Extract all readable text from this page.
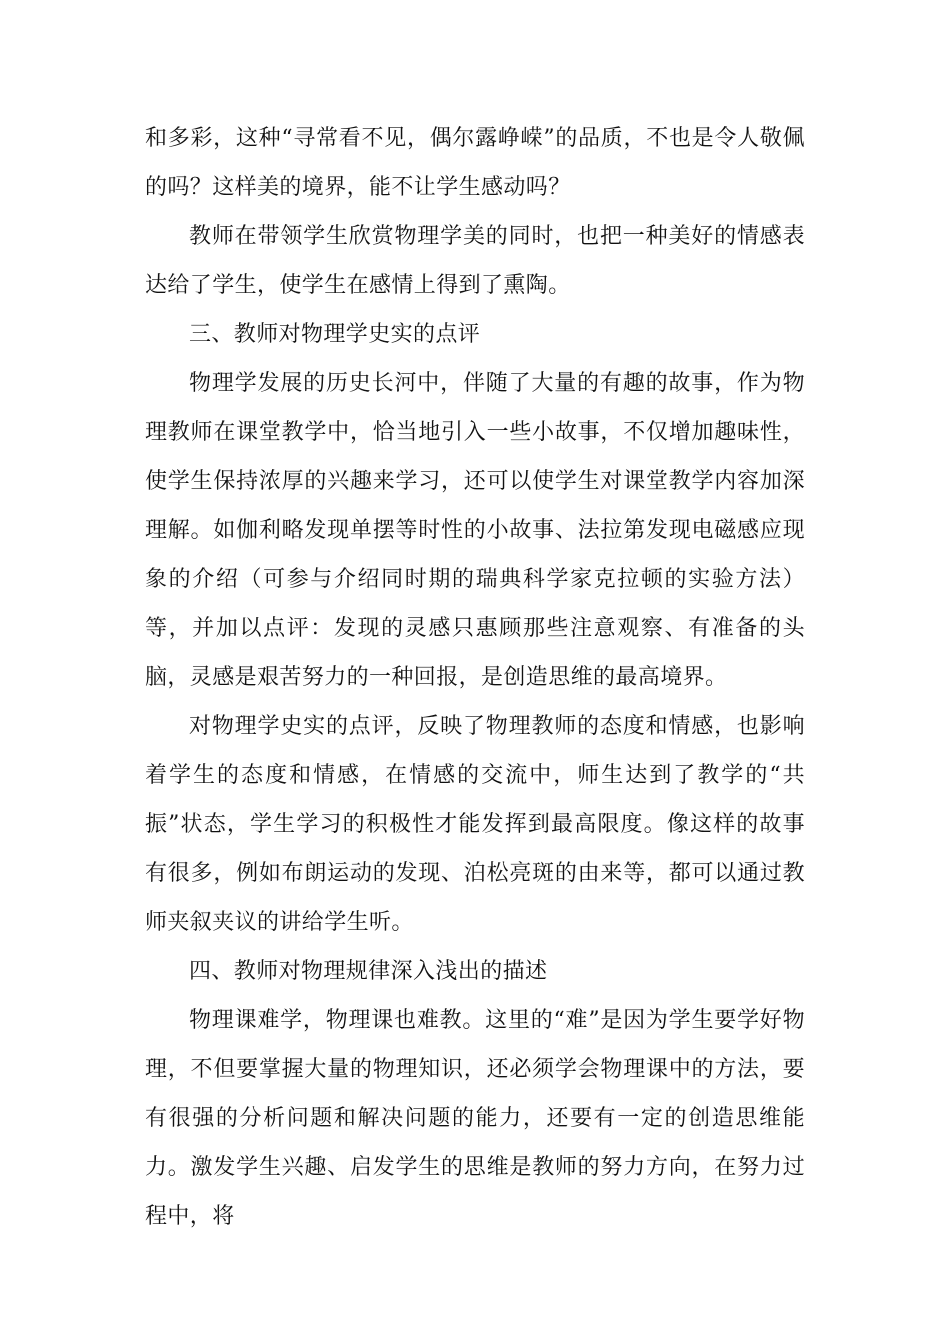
和多彩，这种“寻常看不见，偶尔露峥嵘”的品质，不也是令人敬佩的吗？这样美的境界，能不让学生感动吗？

教师在带领学生欣赏物理学美的同时，也把一种美好的情感表达给了学生，使学生在感情上得到了熏陶。

三、教师对物理学史实的点评

物理学发展的历史长河中，伴随了大量的有趣的故事，作为物理教师在课堂教学中，恰当地引入一些小故事，不仅增加趣味性，使学生保持浓厚的兴趣来学习，还可以使学生对课堂教学内容加深理解。如伽利略发现单摆等时性的小故事、法拉第发现电磁感应现象的介绍（可参与介绍同时期的瑞典科学家克拉顿的实验方法）等，并加以点评：发现的灵感只惠顾那些注意观察、有准备的头脑，灵感是艰苦努力的一种回报，是创造思维的最高境界。

对物理学史实的点评，反映了物理教师的态度和情感，也影响着学生的态度和情感，在情感的交流中，师生达到了教学的“共振”状态，学生学习的积极性才能发挥到最高限度。像这样的故事有很多，例如布朗运动的发现、泊松亮斑的由来等，都可以通过教师夹叙夹议的讲给学生听。

四、教师对物理规律深入浅出的描述

物理课难学，物理课也难教。这里的“难”是因为学生要学好物理，不但要掌握大量的物理知识，还必须学会物理课中的方法，要有很强的分析问题和解决问题的能力，还要有一定的创造思维能力。激发学生兴趣、启发学生的思维是教师的努力方向，在努力过程中，将
